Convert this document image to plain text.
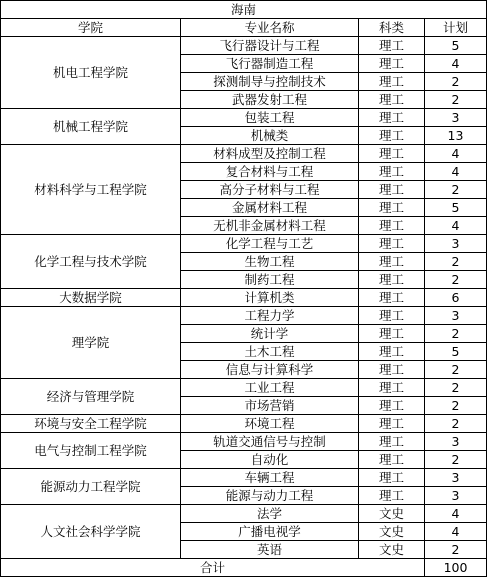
海南			
学院	专业名称	科类	计划
机电工程学院	飞行器设计与工程	理工	5
	飞行器制造工程	理工	4
	探测制导与控制技术	理工	2
	武器发射工程	理工	2
机械工程学院	包装工程	理工	3
	机械类	理工	13
材料科学与工程学院	材料成型及控制工程	理工	4
	复合材料与工程	理工	4
	高分子材料与工程	理工	2
	金属材料工程	理工	5
	无机非金属材料工程	理工	4
化学工程与技术学院	化学工程与工艺	理工	3
	生物工程	理工	2
	制药工程	理工	2
大数据学院	计算机类	理工	6
理学院	工程力学	理工	3
	统计学	理工	2
	土木工程	理工	5
	信息与计算科学	理工	2
经济与管理学院	工业工程	理工	2
	市场营销	理工	2
环境与安全工程学院	环境工程	理工	2
电气与控制工程学院	轨道交通信号与控制	理工	3
	自动化	理工	2
能源动力工程学院	车辆工程	理工	3
	能源与动力工程	理工	3
人文社会科学学院	法学	文史	4
	广播电视学	文史	4
	英语	文史	2
合计			100
